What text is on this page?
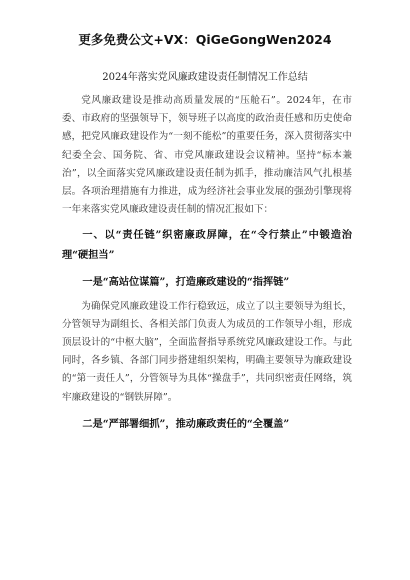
更多免费公文+VX：QiGeGongWen2024
2024年落实党风廉政建设责任制情况工作总结

党风廉政建设是推动高质量发展的“压舱石”。2024年，在市委、市政府的坚强领导下，领导班子以高度的政治责任感和历史使命感，把党风廉政建设作为“一刻不能松”的重要任务，深入贯彻落实中纪委全会、国务院、省、市党风廉政建设会议精神。坚持“标本兼治”，以全面落实党风廉政建设责任制为抓手，推动廉洁风气扎根基层。各项治理措施有力推进，成为经济社会事业发展的强劲引擎现将一年来落实党风廉政建设责任制的情况汇报如下：

一、以“责任链”织密廉政屏障，在“令行禁止”中锻造治理“硬担当”

一是“高站位谋篇”，打造廉政建设的“指挥链”

为确保党风廉政建设工作行稳致远，成立了以主要领导为组长，分管领导为副组长、各相关部门负责人为成员的工作领导小组，形成顶层设计的“中枢大脑”，全面监督指导系统党风廉政建设工作。与此同时，各乡镇、各部门同步搭建组织架构，明确主要领导为廉政建设的“第一责任人”，分管领导为具体“操盘手”，共同织密责任网络，筑牢廉政建设的“钢铁屏障”。

二是“严部署细抓”，推动廉政责任的“全覆盖”
